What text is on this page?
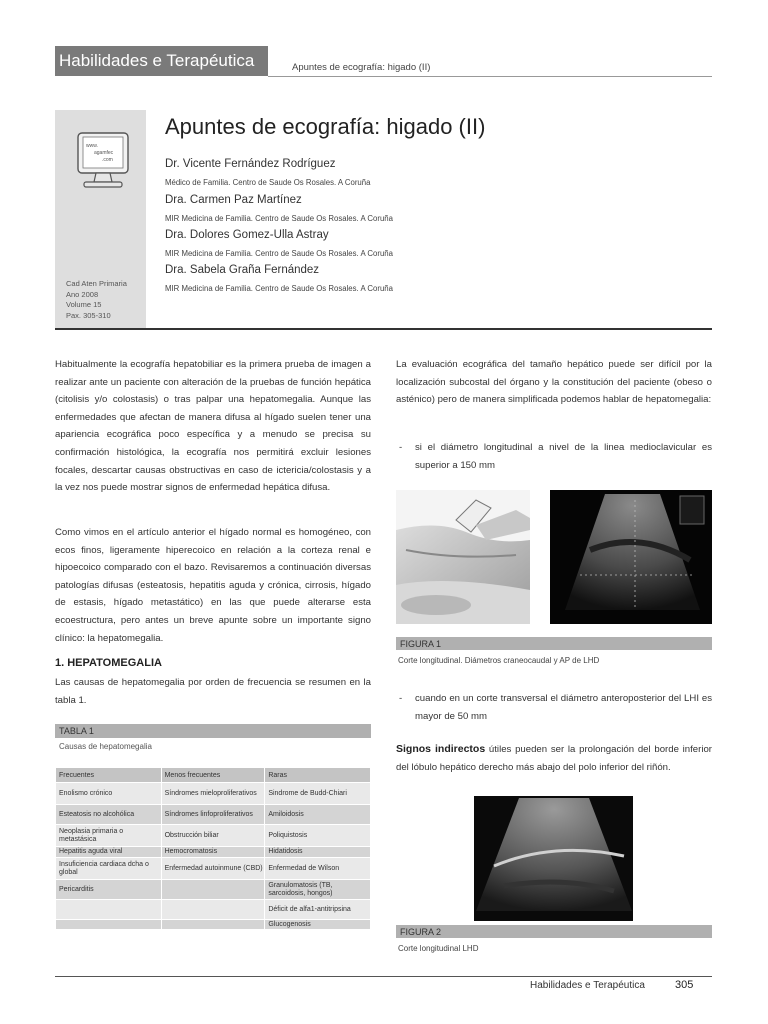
Habilidades e Terapéutica	Apuntes de ecografía: higado (II)
www.
agamfec
.com
Cad Aten Primaria
Ano 2008
Volume 15
Pax. 305-310
Apuntes de ecografía: higado (II)
Dr. Vicente Fernández Rodríguez
Médico de Familia. Centro de Saude Os Rosales. A Coruña
Dra. Carmen Paz Martínez
MIR Medicina de Familia. Centro de Saude Os Rosales. A Coruña
Dra. Dolores Gomez-Ulla Astray
MIR Medicina de Familia. Centro de Saude Os Rosales. A Coruña
Dra. Sabela Graña Fernández
MIR Medicina de Familia. Centro de Saude Os Rosales. A Coruña

Habitualmente la ecografía hepatobiliar es la primera prueba de imagen a realizar ante un paciente con alteración de la pruebas de función hepática (citolisis y/o colostasis) o tras palpar una hepatomegalia. Aunque las enfermedades que afectan de manera difusa al hígado suelen tener una apariencia ecográfica poco específica y a menudo se precisa su confirmación histológica, la ecografía nos permitirá excluir lesiones focales, descartar causas obstructivas en caso de ictericia/colostasis y a la vez nos puede mostrar signos de enfermedad hepática difusa.

Como vimos en el artículo anterior el hígado normal es homogéneo, con ecos finos, ligeramente hiperecoico en relación a la corteza renal e hipoecoico comparado con el bazo. Revisaremos a continuación diversas patologías difusas (esteatosis, hepatitis aguda y crónica, cirrosis, hígado de estasis, hígado metastático) en las que puede alterarse esta ecoestructura, pero antes un breve apunte sobre un importante signo clínico: la hepatomegalia.

1. HEPATOMEGALIA

Las causas de hepatomegalia por orden de frecuencia se resumen en la tabla 1.

TABLA 1
Causas de hepatomegalia
Frecuentes	Menos frecuentes	Raras
Enolismo crónico	Síndromes mieloproliferativos	Sindrome de Budd-Chiari
Esteatosis no alcohólica	Síndromes linfoproliferativos	Amiloidosis
Neoplasia primaria o metastásica	Obstrucción biliar	Poliquistosis
Hepatitis aguda viral	Hemocromatosis	Hidatidosis
Insuficiencia cardiaca dcha o global	Enfermedad autoinmune (CBD)	Enfermedad de Wilson
Pericarditis		Granulomatosis (TB, sarcoidosis, hongos)
		Déficit de alfa1-antitripsina
		Glucogenosis

La evaluación ecográfica del tamaño hepático puede ser difícil por la localización subcostal del órgano y la constitución del paciente (obeso o asténico) pero de manera simplificada podemos hablar de hepatomegalia:

-	si el diámetro longitudinal a nivel de la linea medioclavicular es superior a 150 mm
FIGURA 1
Corte longitudinal. Diámetros craneocaudal y AP de LHD
-	cuando en un corte transversal el diámetro anteroposterior del LHI es mayor de 50 mm

Signos indirectos útiles pueden ser la prolongación del borde inferior del lóbulo hepático derecho más abajo del polo inferior del riñón.

FIGURA 2
Corte longitudinal LHD
Habilidades e Terapéutica	305
